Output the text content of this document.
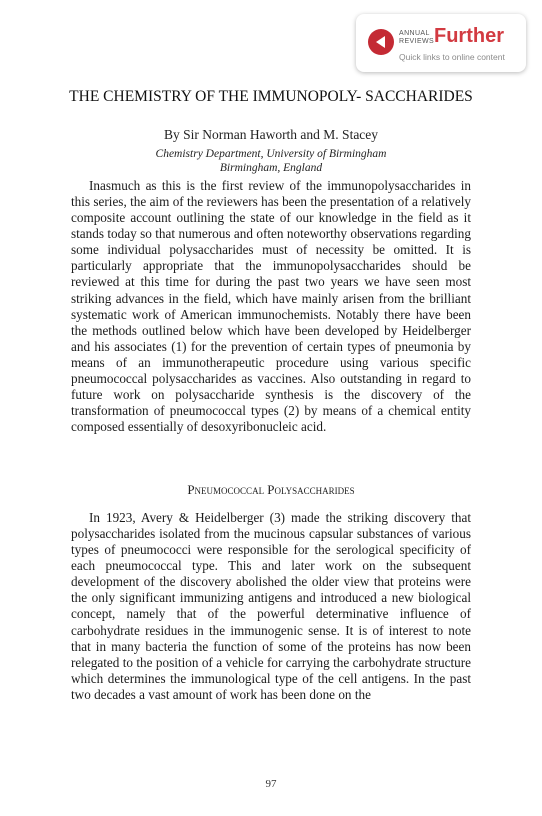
ANNUAL
REVIEWS Further
Quick links to online content
THE CHEMISTRY OF THE IMMUNOPOLY- SACCHARIDES
By Sir Norman Haworth and M. Stacey
Chemistry Department, University of Birmingham
Birmingham, England

Inasmuch as this is the first review of the immunopolysaccharides in this series, the aim of the reviewers has been the presentation of a relatively composite account outlining the state of our knowledge in the field as it stands today so that numerous and often noteworthy observations regarding some individual polysaccharides must of necessity be omitted. It is particularly appropriate that the immunopolysaccharides should be reviewed at this time for during the past two years we have seen most striking advances in the field, which have mainly arisen from the brilliant systematic work of American immunochemists. Notably there have been the methods outlined below which have been developed by Heidelberger and his associates (1) for the prevention of certain types of pneumonia by means of an immunotherapeutic procedure using various specific pneumococcal polysaccharides as vaccines. Also outstanding in regard to future work on polysaccharide synthesis is the discovery of the transformation of pneumococcal types (2) by means of a chemical entity composed essentially of desoxyribonucleic acid.

Pneumococcal Polysaccharides

In 1923, Avery & Heidelberger (3) made the striking discovery that polysaccharides isolated from the mucinous capsular substances of various types of pneumococci were responsible for the serological specificity of each pneumococcal type. This and later work on the subsequent development of the discovery abolished the older view that proteins were the only significant immunizing antigens and introduced a new biological concept, namely that of the powerful determinative influence of carbohydrate residues in the immunogenic sense. It is of interest to note that in many bacteria the function of some of the proteins has now been relegated to the position of a vehicle for carrying the carbohydrate structure which determines the immunological type of the cell antigens. In the past two decades a vast amount of work has been done on the

97
